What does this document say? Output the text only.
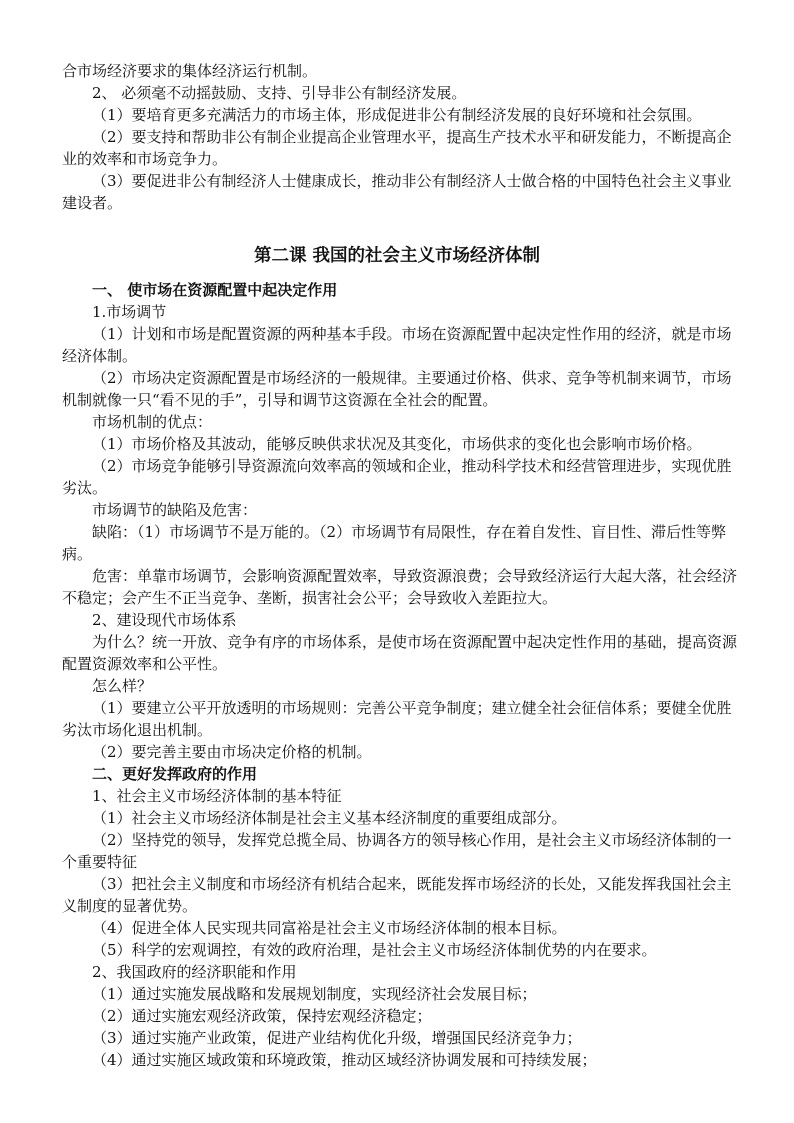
合市场经济要求的集体经济运行机制。

2、 必须毫不动摇鼓励、支持、引导非公有制经济发展。

（1）要培育更多充满活力的市场主体，形成促进非公有制经济发展的良好环境和社会氛围。

（2）要支持和帮助非公有制企业提高企业管理水平，提高生产技术水平和研发能力，不断提高企业的效率和市场竞争力。

（3）要促进非公有制经济人士健康成长，推动非公有制经济人士做合格的中国特色社会主义事业建设者。

第二课 我国的社会主义市场经济体制

一、 使市场在资源配置中起决定作用

1.市场调节

（1）计划和市场是配置资源的两种基本手段。市场在资源配置中起决定性作用的经济，就是市场经济体制。

（2）市场决定资源配置是市场经济的一般规律。主要通过价格、供求、竞争等机制来调节，市场机制就像一只“看不见的手”，引导和调节这资源在全社会的配置。

市场机制的优点：

（1）市场价格及其波动，能够反映供求状况及其变化，市场供求的变化也会影响市场价格。

（2）市场竞争能够引导资源流向效率高的领域和企业，推动科学技术和经营管理进步，实现优胜劣汰。

市场调节的缺陷及危害：

缺陷：（1）市场调节不是万能的。（2）市场调节有局限性，存在着自发性、盲目性、滞后性等弊病。

危害：单靠市场调节，会影响资源配置效率，导致资源浪费；会导致经济运行大起大落，社会经济不稳定；会产生不正当竞争、垄断，损害社会公平；会导致收入差距拉大。

2、建设现代市场体系

为什么？统一开放、竞争有序的市场体系，是使市场在资源配置中起决定性作用的基础，提高资源配置资源效率和公平性。

怎么样？

（1）要建立公平开放透明的市场规则：完善公平竞争制度；建立健全社会征信体系；要健全优胜劣汰市场化退出机制。

（2）要完善主要由市场决定价格的机制。

二、更好发挥政府的作用

1、社会主义市场经济体制的基本特征

（1）社会主义市场经济体制是社会主义基本经济制度的重要组成部分。

（2）坚持党的领导，发挥党总揽全局、协调各方的领导核心作用，是社会主义市场经济体制的一个重要特征

（3）把社会主义制度和市场经济有机结合起来，既能发挥市场经济的长处，又能发挥我国社会主义制度的显著优势。

（4）促进全体人民实现共同富裕是社会主义市场经济体制的根本目标。

（5）科学的宏观调控，有效的政府治理，是社会主义市场经济体制优势的内在要求。

2、我国政府的经济职能和作用

（1）通过实施发展战略和发展规划制度，实现经济社会发展目标；

（2）通过实施宏观经济政策，保持宏观经济稳定；

（3）通过实施产业政策，促进产业结构优化升级，增强国民经济竞争力；

（4）通过实施区域政策和环境政策，推动区域经济协调发展和可持续发展；
